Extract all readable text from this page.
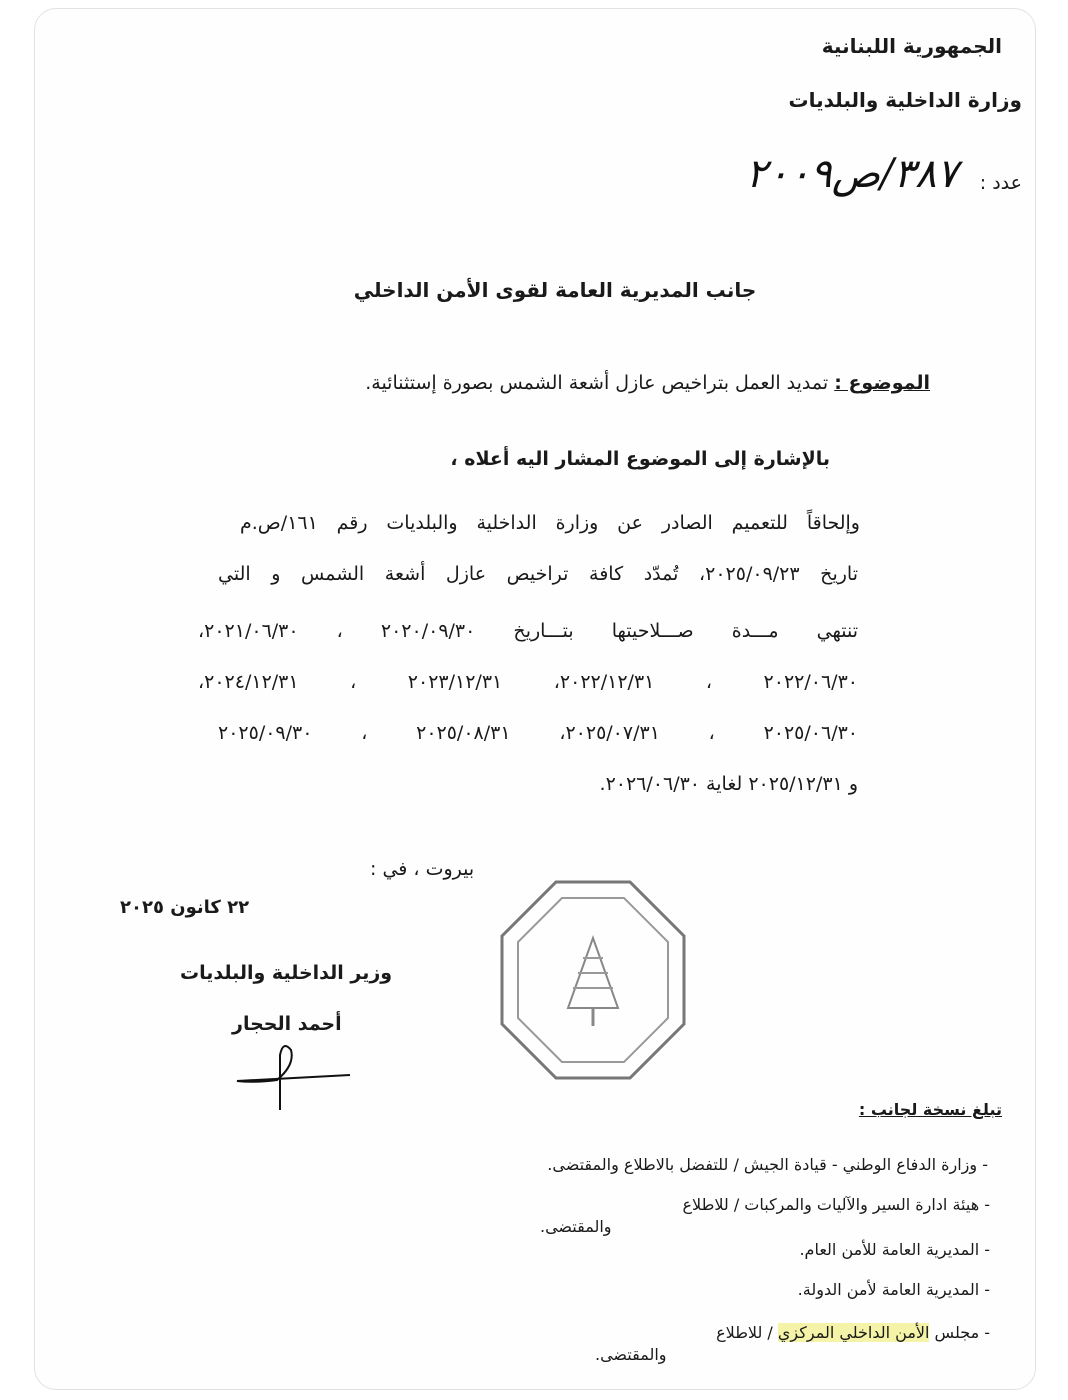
الجمهورية اللبنانية
وزارة الداخلية والبلديات
عدد :
٣٨٧/ص٢٠٠٩
جانب المديرية العامة لقوى الأمن الداخلي
الموضوع : تمديد العمل بتراخيص عازل أشعة الشمس بصورة إستثنائية.
بالإشارة إلى الموضوع المشار اليه أعلاه ،
وإلحاقاً للتعميم الصادر عن وزارة الداخلية والبلديات رقم ١٦١/ص.م
تاريخ ٢٠٢٥/٠٩/٢٣، تُمدّد كافة تراخيص عازل أشعة الشمس و التي
تنتهي مـــدة صـــلاحيتها بتـــاريخ ٢٠٢٠/٠٩/٣٠ ، ٢٠٢١/٠٦/٣٠،
٢٠٢٢/٠٦/٣٠ ، ٢٠٢٢/١٢/٣١، ٢٠٢٣/١٢/٣١ ، ٢٠٢٤/١٢/٣١،
٢٠٢٥/٠٦/٣٠ ، ٢٠٢٥/٠٧/٣١، ٢٠٢٥/٠٨/٣١ ، ٢٠٢٥/٠٩/٣٠
و ٢٠٢٥/١٢/٣١ لغاية ٢٠٢٦/٠٦/٣٠.
بيروت ، في :
٢٢ كانون ٢٠٢٥
وزير الداخلية والبلديات
أحمد الحجار
تبلغ نسخة لجانب :
- وزارة الدفاع الوطني - قيادة الجيش / للتفضل بالاطلاع والمقتضى.
- هيئة ادارة السير والآليات والمركبات / للاطلاع
والمقتضى.
- المديرية العامة للأمن العام.
- المديرية العامة لأمن الدولة.
- مجلس الأمن الداخلي المركزي / للاطلاع
والمقتضى.
